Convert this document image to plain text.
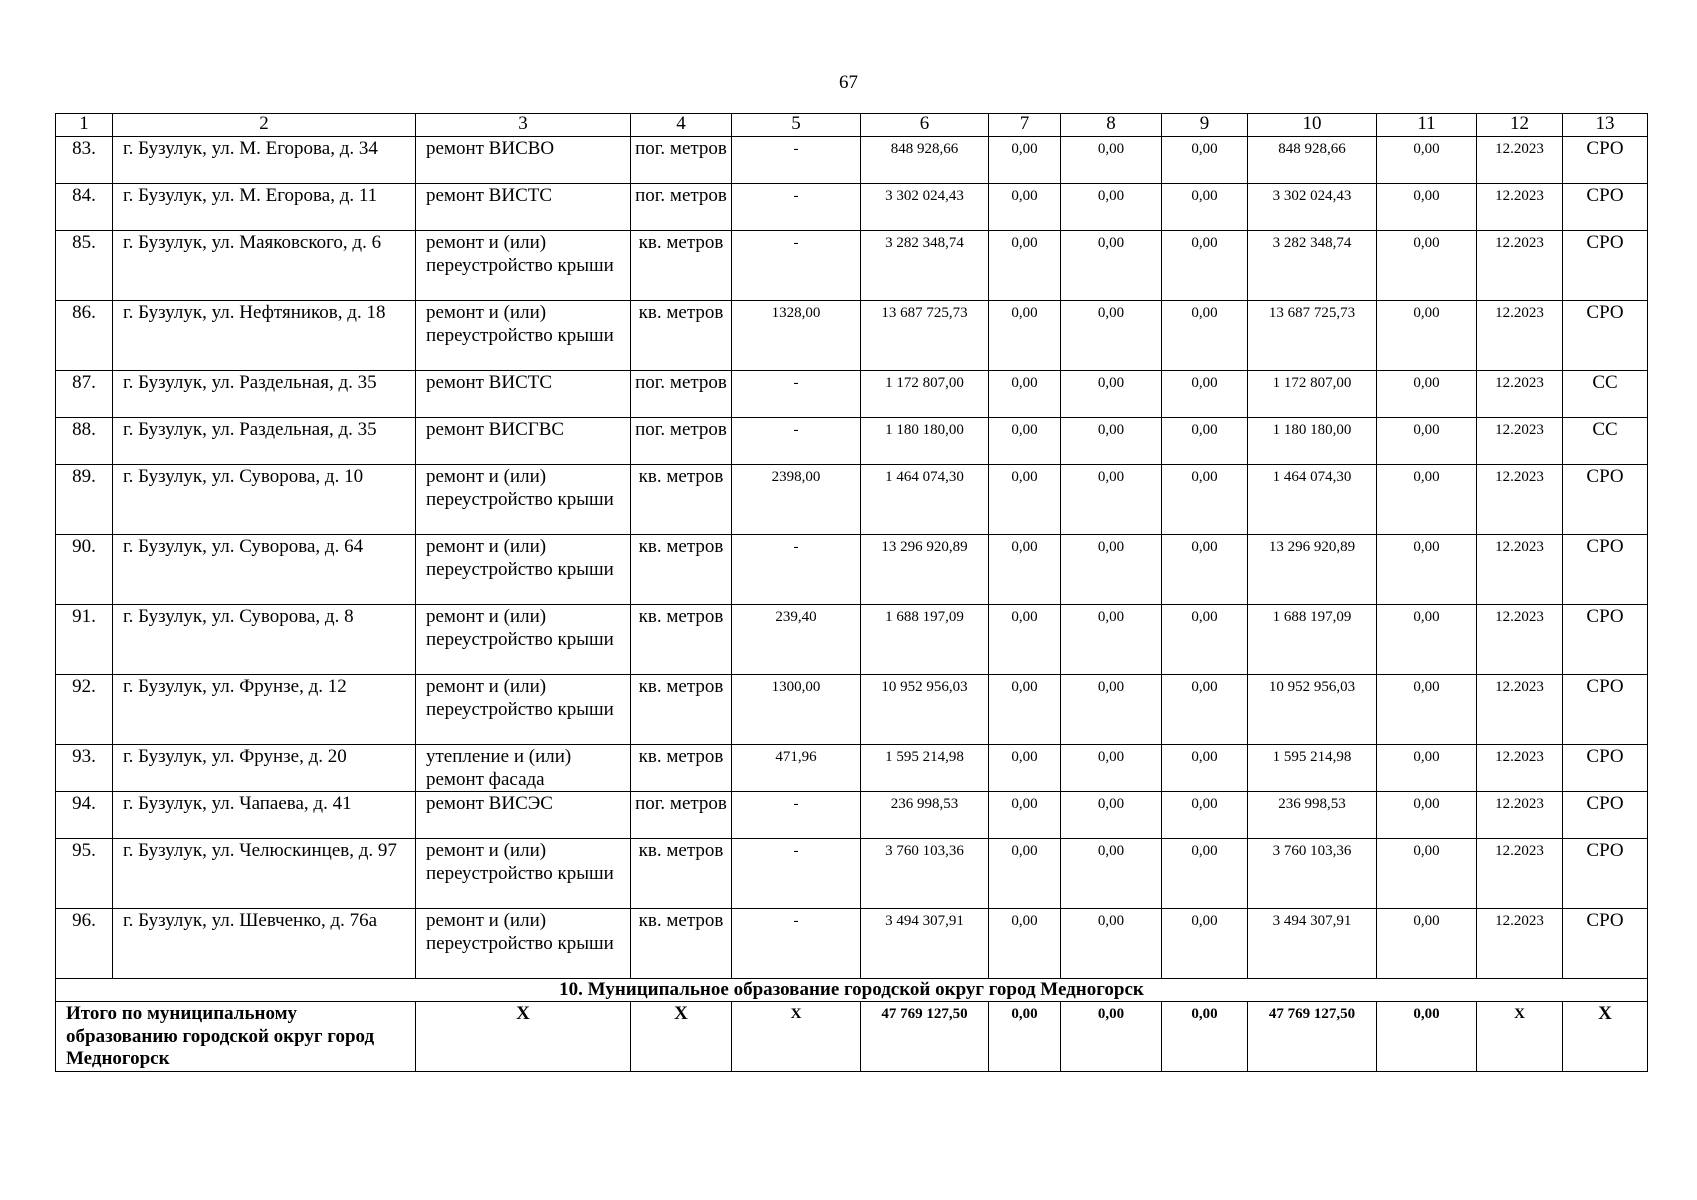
67
1	2	3	4	5	6	7	8	9	10	11	12	13
83.	г. Бузулук, ул. М. Егорова, д. 34	ремонт ВИСВО	пог. метров	-	848 928,66	0,00	0,00	0,00	848 928,66	0,00	12.2023	СРО
84.	г. Бузулук, ул. М. Егорова, д. 11	ремонт ВИСТС	пог. метров	-	3 302 024,43	0,00	0,00	0,00	3 302 024,43	0,00	12.2023	СРО
85.	г. Бузулук, ул. Маяковского, д. 6	ремонт и (или) переустройство крыши	кв. метров	-	3 282 348,74	0,00	0,00	0,00	3 282 348,74	0,00	12.2023	СРО
86.	г. Бузулук, ул. Нефтяников, д. 18	ремонт и (или) переустройство крыши	кв. метров	1328,00	13 687 725,73	0,00	0,00	0,00	13 687 725,73	0,00	12.2023	СРО
87.	г. Бузулук, ул. Раздельная, д. 35	ремонт ВИСТС	пог. метров	-	1 172 807,00	0,00	0,00	0,00	1 172 807,00	0,00	12.2023	СС
88.	г. Бузулук, ул. Раздельная, д. 35	ремонт ВИСГВС	пог. метров	-	1 180 180,00	0,00	0,00	0,00	1 180 180,00	0,00	12.2023	СС
89.	г. Бузулук, ул. Суворова, д. 10	ремонт и (или) переустройство крыши	кв. метров	2398,00	1 464 074,30	0,00	0,00	0,00	1 464 074,30	0,00	12.2023	СРО
90.	г. Бузулук, ул. Суворова, д. 64	ремонт и (или) переустройство крыши	кв. метров	-	13 296 920,89	0,00	0,00	0,00	13 296 920,89	0,00	12.2023	СРО
91.	г. Бузулук, ул. Суворова, д. 8	ремонт и (или) переустройство крыши	кв. метров	239,40	1 688 197,09	0,00	0,00	0,00	1 688 197,09	0,00	12.2023	СРО
92.	г. Бузулук, ул. Фрунзе, д. 12	ремонт и (или) переустройство крыши	кв. метров	1300,00	10 952 956,03	0,00	0,00	0,00	10 952 956,03	0,00	12.2023	СРО
93.	г. Бузулук, ул. Фрунзе, д. 20	утепление и (или) ремонт фасада	кв. метров	471,96	1 595 214,98	0,00	0,00	0,00	1 595 214,98	0,00	12.2023	СРО
94.	г. Бузулук, ул. Чапаева, д. 41	ремонт ВИСЭС	пог. метров	-	236 998,53	0,00	0,00	0,00	236 998,53	0,00	12.2023	СРО
95.	г. Бузулук, ул. Челюскинцев, д. 97	ремонт и (или) переустройство крыши	кв. метров	-	3 760 103,36	0,00	0,00	0,00	3 760 103,36	0,00	12.2023	СРО
96.	г. Бузулук, ул. Шевченко, д. 76а	ремонт и (или) переустройство крыши	кв. метров	-	3 494 307,91	0,00	0,00	0,00	3 494 307,91	0,00	12.2023	СРО
10. Муниципальное образование городской округ город Медногорск												
Итого по муниципальному образованию городской округ город Медногорск		X	X	X	47 769 127,50	0,00	0,00	0,00	47 769 127,50	0,00	X	X
